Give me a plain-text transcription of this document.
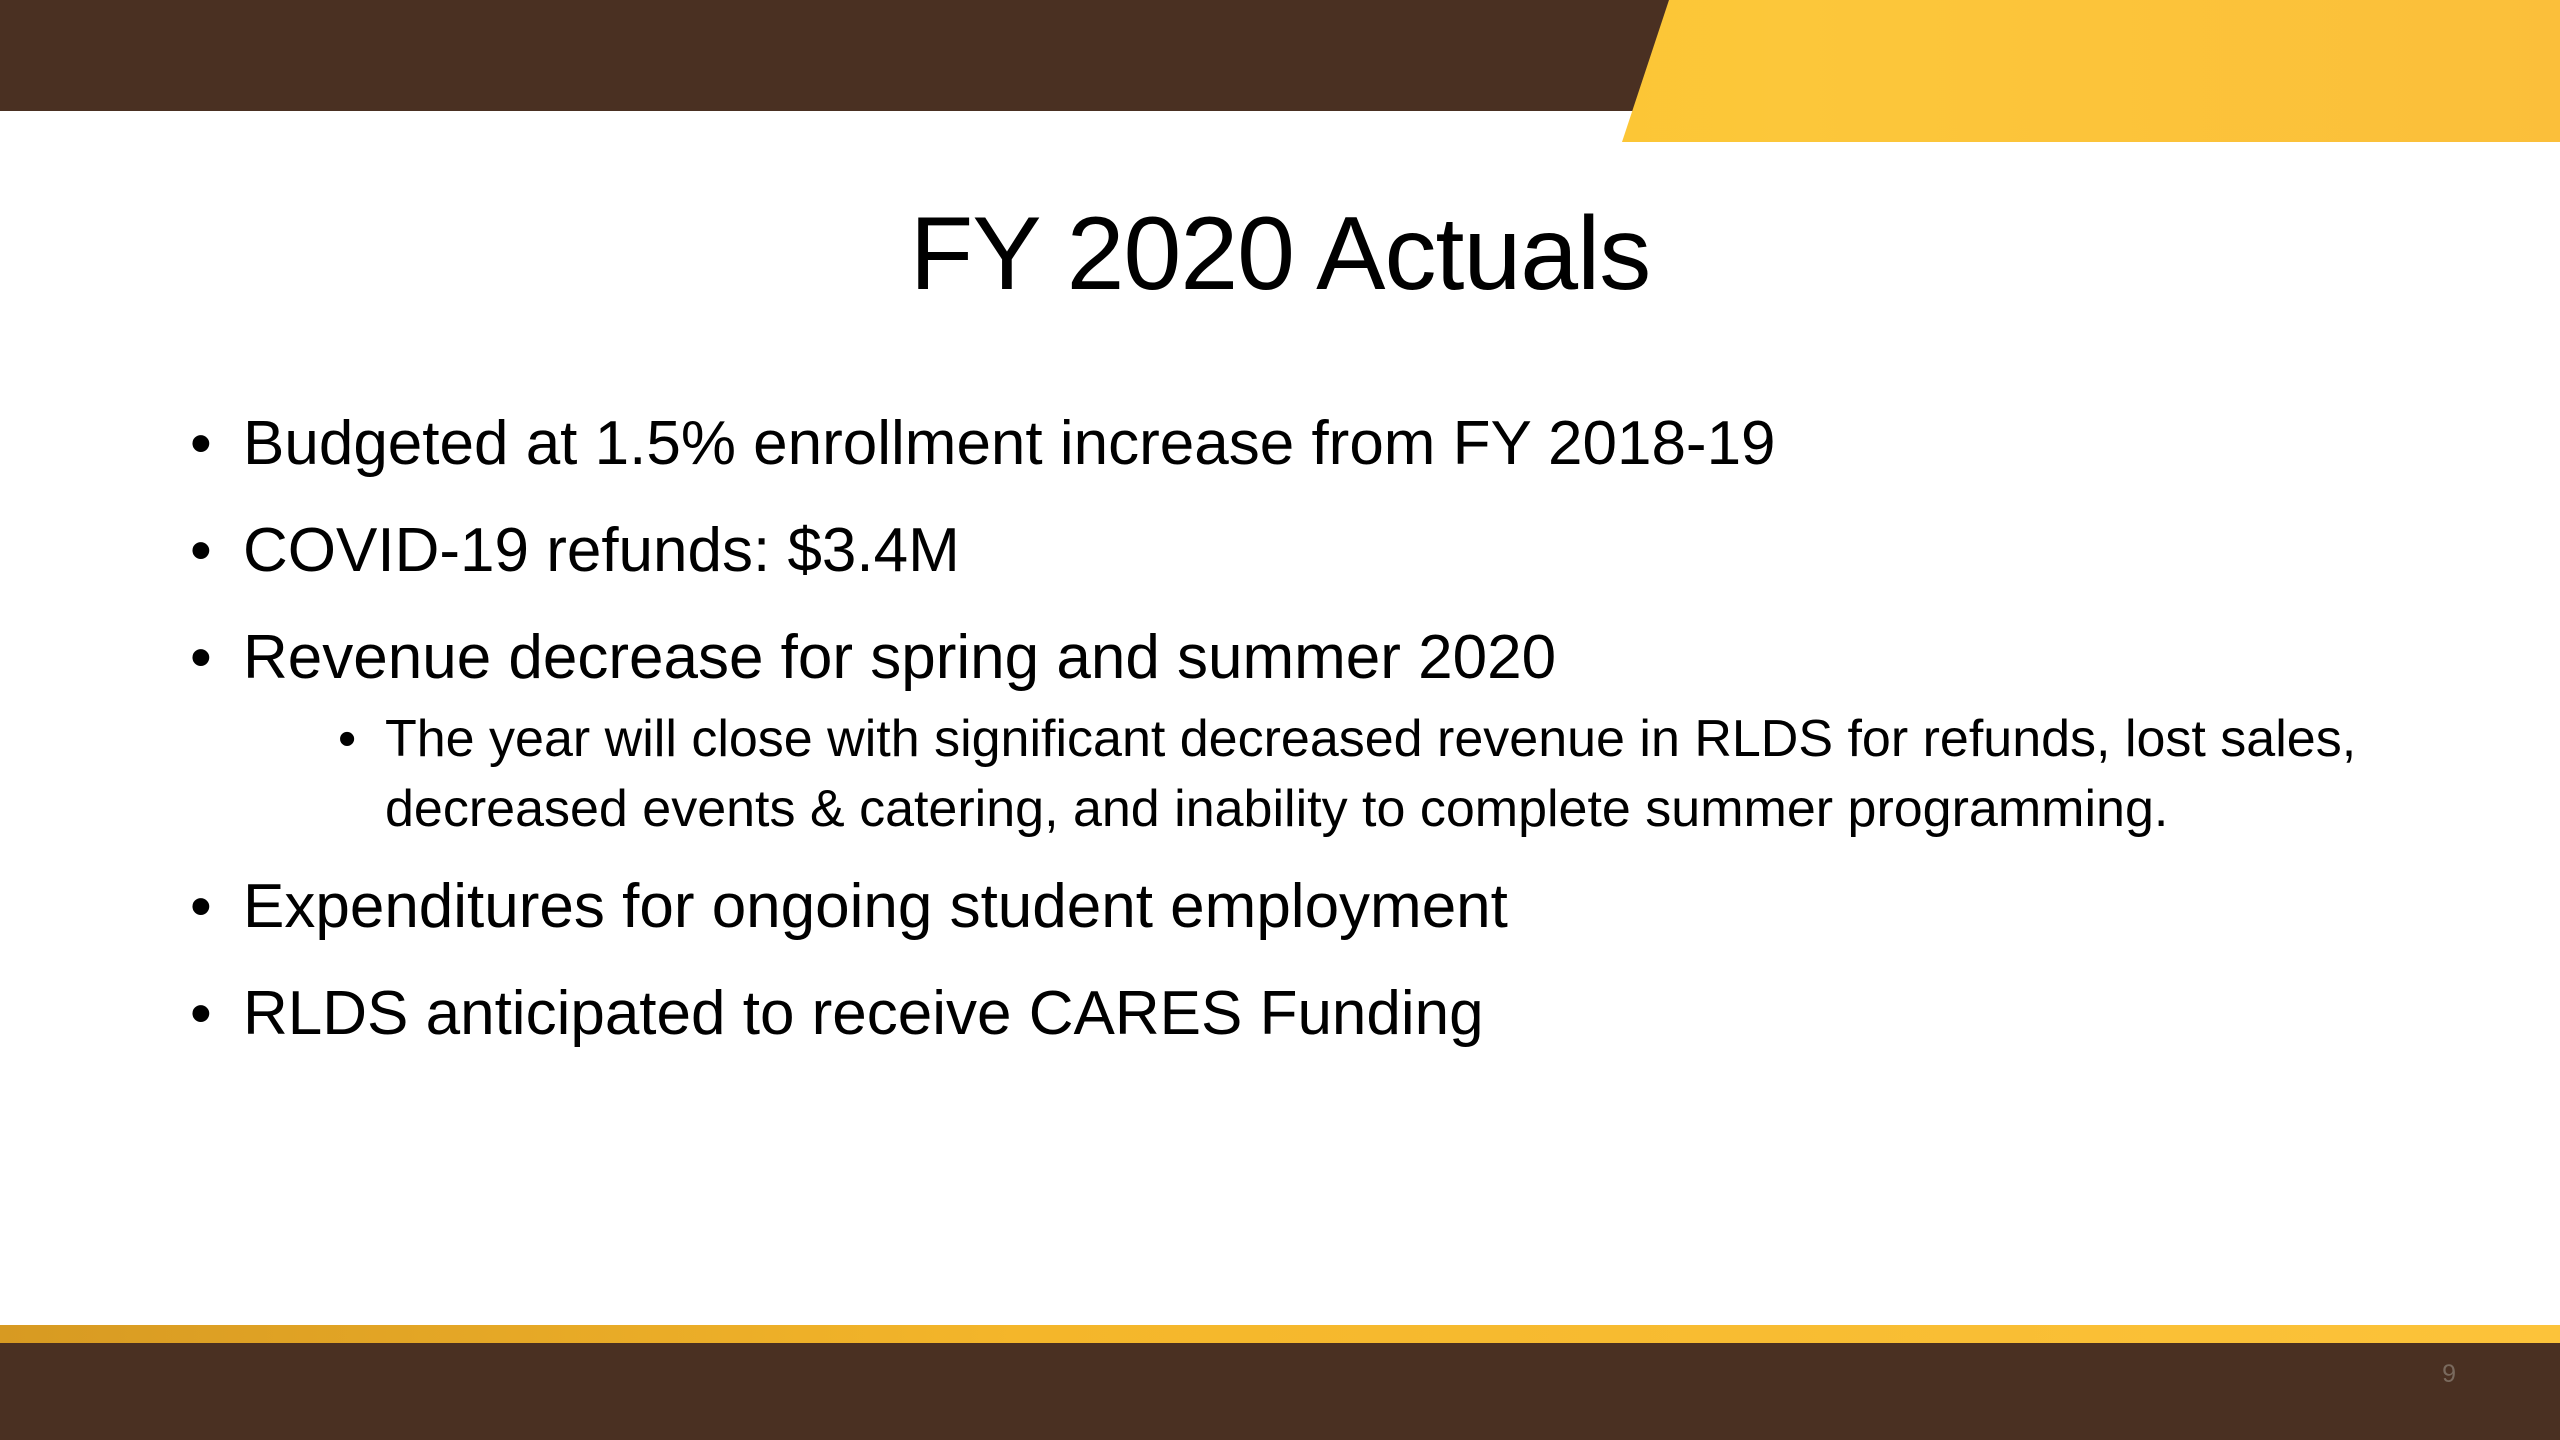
FY 2020 Actuals
• Budgeted at 1.5% enrollment increase from FY 2018-19
• COVID-19 refunds: $3.4M
• Revenue decrease for spring and summer 2020
• The year will close with significant decreased revenue in RLDS for refunds, lost sales, decreased events & catering, and inability to complete summer programming.
• Expenditures for ongoing student employment
• RLDS anticipated to receive CARES Funding
9
